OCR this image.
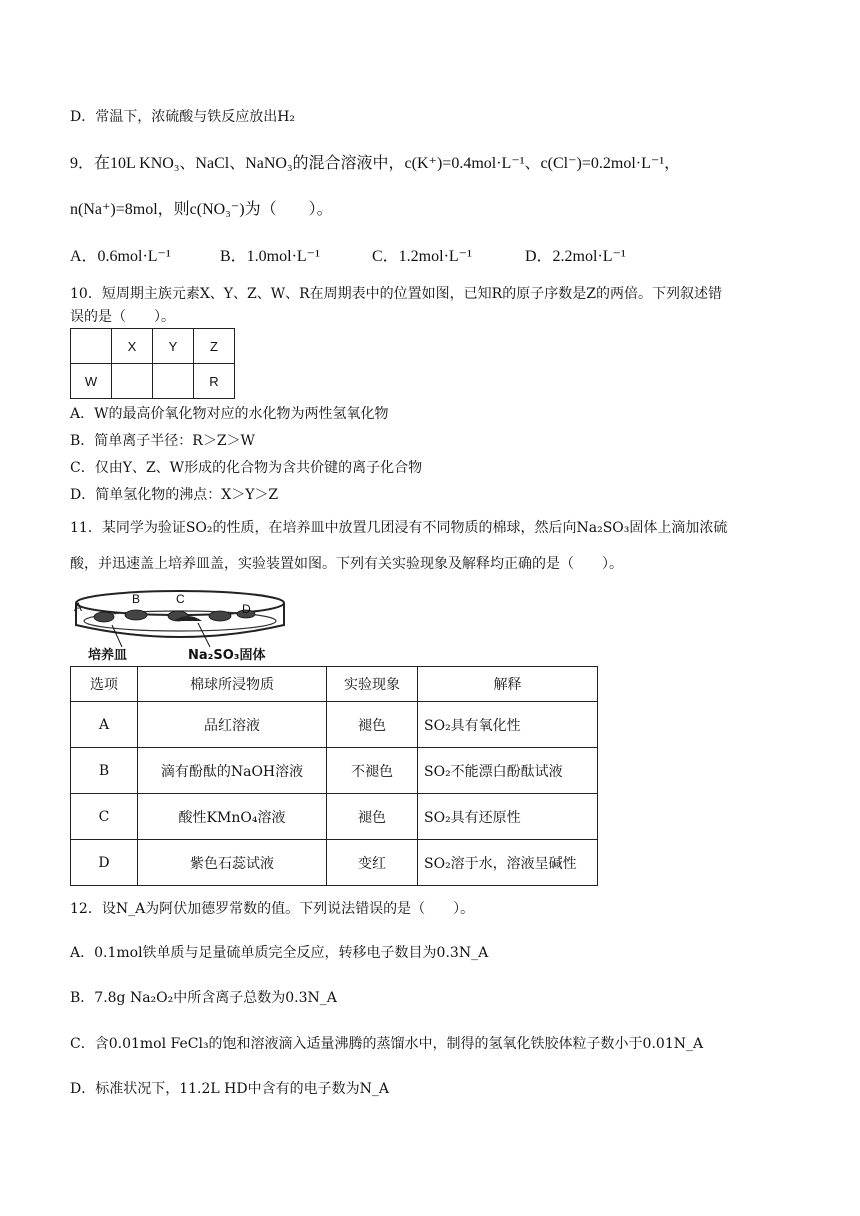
D．常温下，浓硫酸与铁反应放出H₂
9．在10L KNO₃、NaCl、NaNO₃的混合溶液中，c(K⁺)=0.4mol·L⁻¹、c(Cl⁻)=0.2mol·L⁻¹，
n(Na⁺)=8mol，则c(NO₃⁻)为（　　）。
A．0.6mol·L⁻¹	B．1.0mol·L⁻¹	C．1.2mol·L⁻¹	D．2.2mol·L⁻¹
10．短周期主族元素X、Y、Z、W、R在周期表中的位置如图，已知R的原子序数是Z的两倍。下列叙述错
误的是（　　）。
	X	Y	Z
W			R
A．W的最高价氧化物对应的水化物为两性氢氧化物
B．简单离子半径：R＞Z＞W
C．仅由Y、Z、W形成的化合物为含共价键的离子化合物
D．简单氢化物的沸点：X＞Y＞Z
11．某同学为验证SO₂的性质，在培养皿中放置几团浸有不同物质的棉球，然后向Na₂SO₃固体上滴加浓硫
酸，并迅速盖上培养皿盖，实验装置如图。下列有关实验现象及解释均正确的是（　　）。
A
B	C
D
培养皿	Na₂SO₃固体
选项	棉球所浸物质	实验现象	解释
A	品红溶液	褪色	SO₂具有氧化性
B	滴有酚酞的NaOH溶液	不褪色	SO₂不能漂白酚酞试液
C	酸性KMnO₄溶液	褪色	SO₂具有还原性
D	紫色石蕊试液	变红	SO₂溶于水，溶液呈碱性
12．设N_A为阿伏加德罗常数的值。下列说法错误的是（　　）。
A．0.1mol铁单质与足量硫单质完全反应，转移电子数目为0.3N_A
B．7.8g Na₂O₂中所含离子总数为0.3N_A
C．含0.01mol FeCl₃的饱和溶液滴入适量沸腾的蒸馏水中，制得的氢氧化铁胶体粒子数小于0.01N_A
D．标准状况下，11.2L HD中含有的电子数为N_A
